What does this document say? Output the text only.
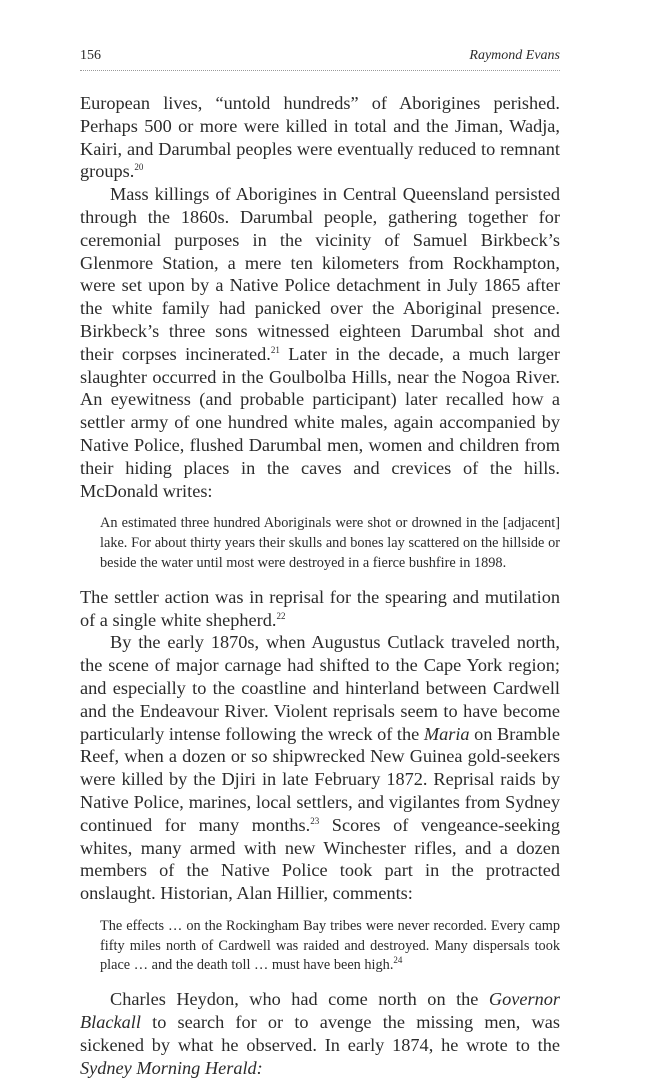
156	Raymond Evans

European lives, “untold hundreds” of Aborigines perished. Perhaps 500 or more were killed in total and the Jiman, Wadja, Kairi, and Darumbal peoples were eventually reduced to remnant groups.$^{20}$

Mass killings of Aborigines in Central Queensland persisted through the 1860s. Darumbal people, gathering together for ceremonial purposes in the vicinity of Samuel Birkbeck’s Glenmore Station, a mere ten kilometers from Rockhampton, were set upon by a Native Police detachment in July 1865 after the white family had panicked over the Aboriginal presence. Birkbeck’s three sons witnessed eighteen Darumbal shot and their corpses incinerated.$^{21}$ Later in the decade, a much larger slaughter occurred in the Goulbolba Hills, near the Nogoa River. An eyewitness (and probable participant) later recalled how a settler army of one hundred white males, again accompanied by Native Police, flushed Darumbal men, women and children from their hiding places in the caves and crevices of the hills. McDonald writes:

An estimated three hundred Aboriginals were shot or drowned in the [adjacent] lake. For about thirty years their skulls and bones lay scattered on the hillside or beside the water until most were destroyed in a fierce bushfire in 1898.

The settler action was in reprisal for the spearing and mutilation of a single white shepherd.$^{22}$

By the early 1870s, when Augustus Cutlack traveled north, the scene of major carnage had shifted to the Cape York region; and especially to the coastline and hinterland between Cardwell and the Endeavour River. Violent reprisals seem to have become particularly intense following the wreck of the Maria on Bramble Reef, when a dozen or so shipwrecked New Guinea gold-seekers were killed by the Djiri in late February 1872. Reprisal raids by Native Police, marines, local settlers, and vigilantes from Sydney continued for many months.$^{23}$ Scores of vengeance-seeking whites, many armed with new Winchester rifles, and a dozen members of the Native Police took part in the protracted onslaught. Historian, Alan Hillier, comments:

The effects … on the Rockingham Bay tribes were never recorded. Every camp fifty miles north of Cardwell was raided and destroyed. Many dispersals took place … and the death toll … must have been high.$^{24}$

Charles Heydon, who had come north on the Governor Blackall to search for or to avenge the missing men, was sickened by what he observed. In early 1874, he wrote to the Sydney Morning Herald:
